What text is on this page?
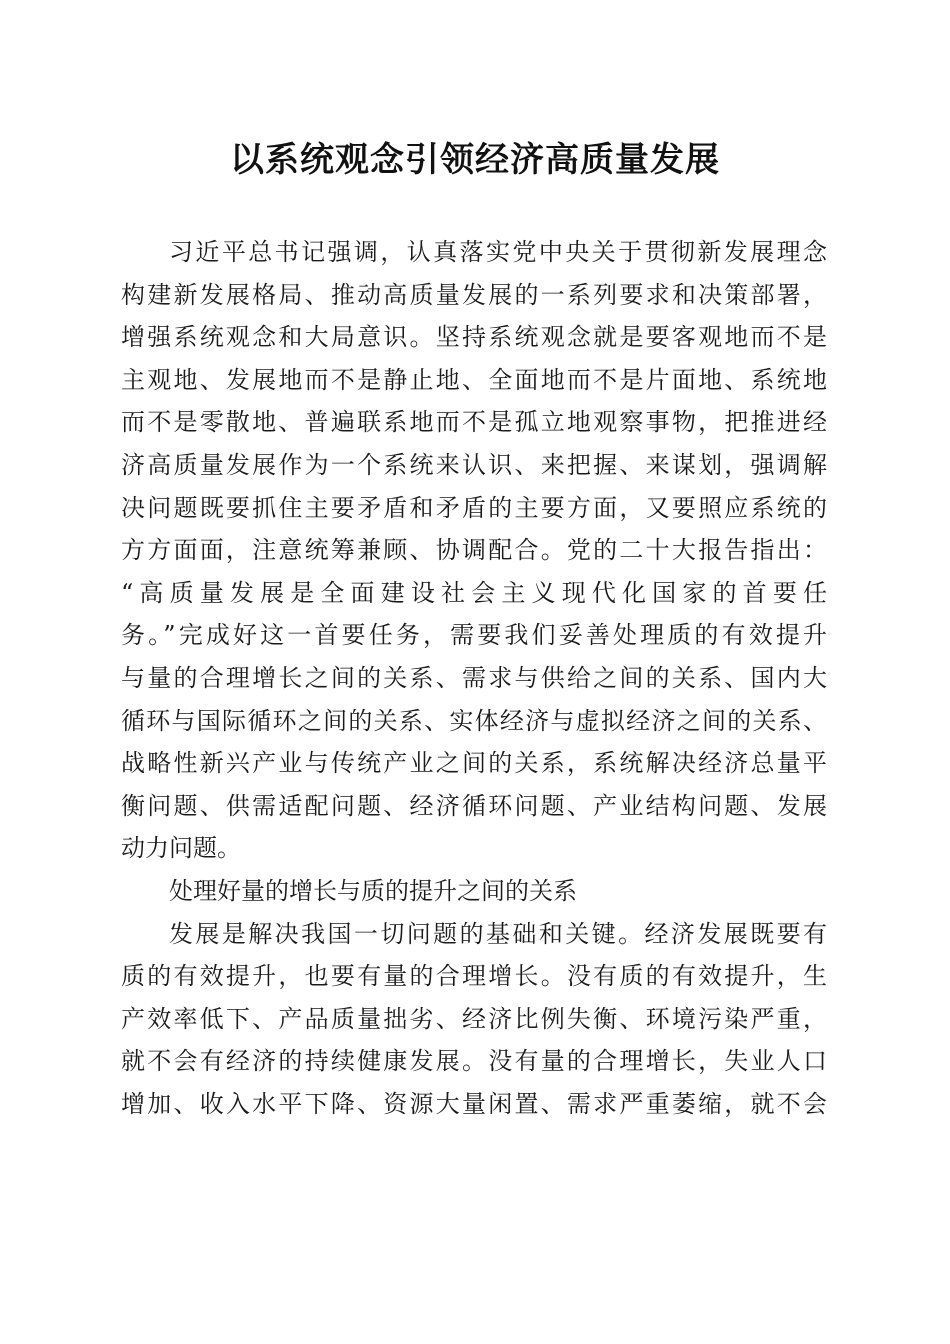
以系统观念引领经济高质量发展
习近平总书记强调，认真落实党中央关于贯彻新发展理念
构建新发展格局、推动高质量发展的一系列要求和决策部署，
增强系统观念和大局意识。坚持系统观念就是要客观地而不是
主观地、发展地而不是静止地、全面地而不是片面地、系统地
而不是零散地、普遍联系地而不是孤立地观察事物，把推进经
济高质量发展作为一个系统来认识、来把握、来谋划，强调解
决问题既要抓住主要矛盾和矛盾的主要方面，又要照应系统的
方方面面，注意统筹兼顾、协调配合。党的二十大报告指出：
“高质量发展是全面建设社会主义现代化国家的首要任
务。”完成好这一首要任务，需要我们妥善处理质的有效提升
与量的合理增长之间的关系、需求与供给之间的关系、国内大
循环与国际循环之间的关系、实体经济与虚拟经济之间的关系、
战略性新兴产业与传统产业之间的关系，系统解决经济总量平
衡问题、供需适配问题、经济循环问题、产业结构问题、发展
动力问题。
处理好量的增长与质的提升之间的关系
发展是解决我国一切问题的基础和关键。经济发展既要有
质的有效提升，也要有量的合理增长。没有质的有效提升，生
产效率低下、产品质量拙劣、经济比例失衡、环境污染严重，
就不会有经济的持续健康发展。没有量的合理增长，失业人口
增加、收入水平下降、资源大量闲置、需求严重萎缩，就不会
